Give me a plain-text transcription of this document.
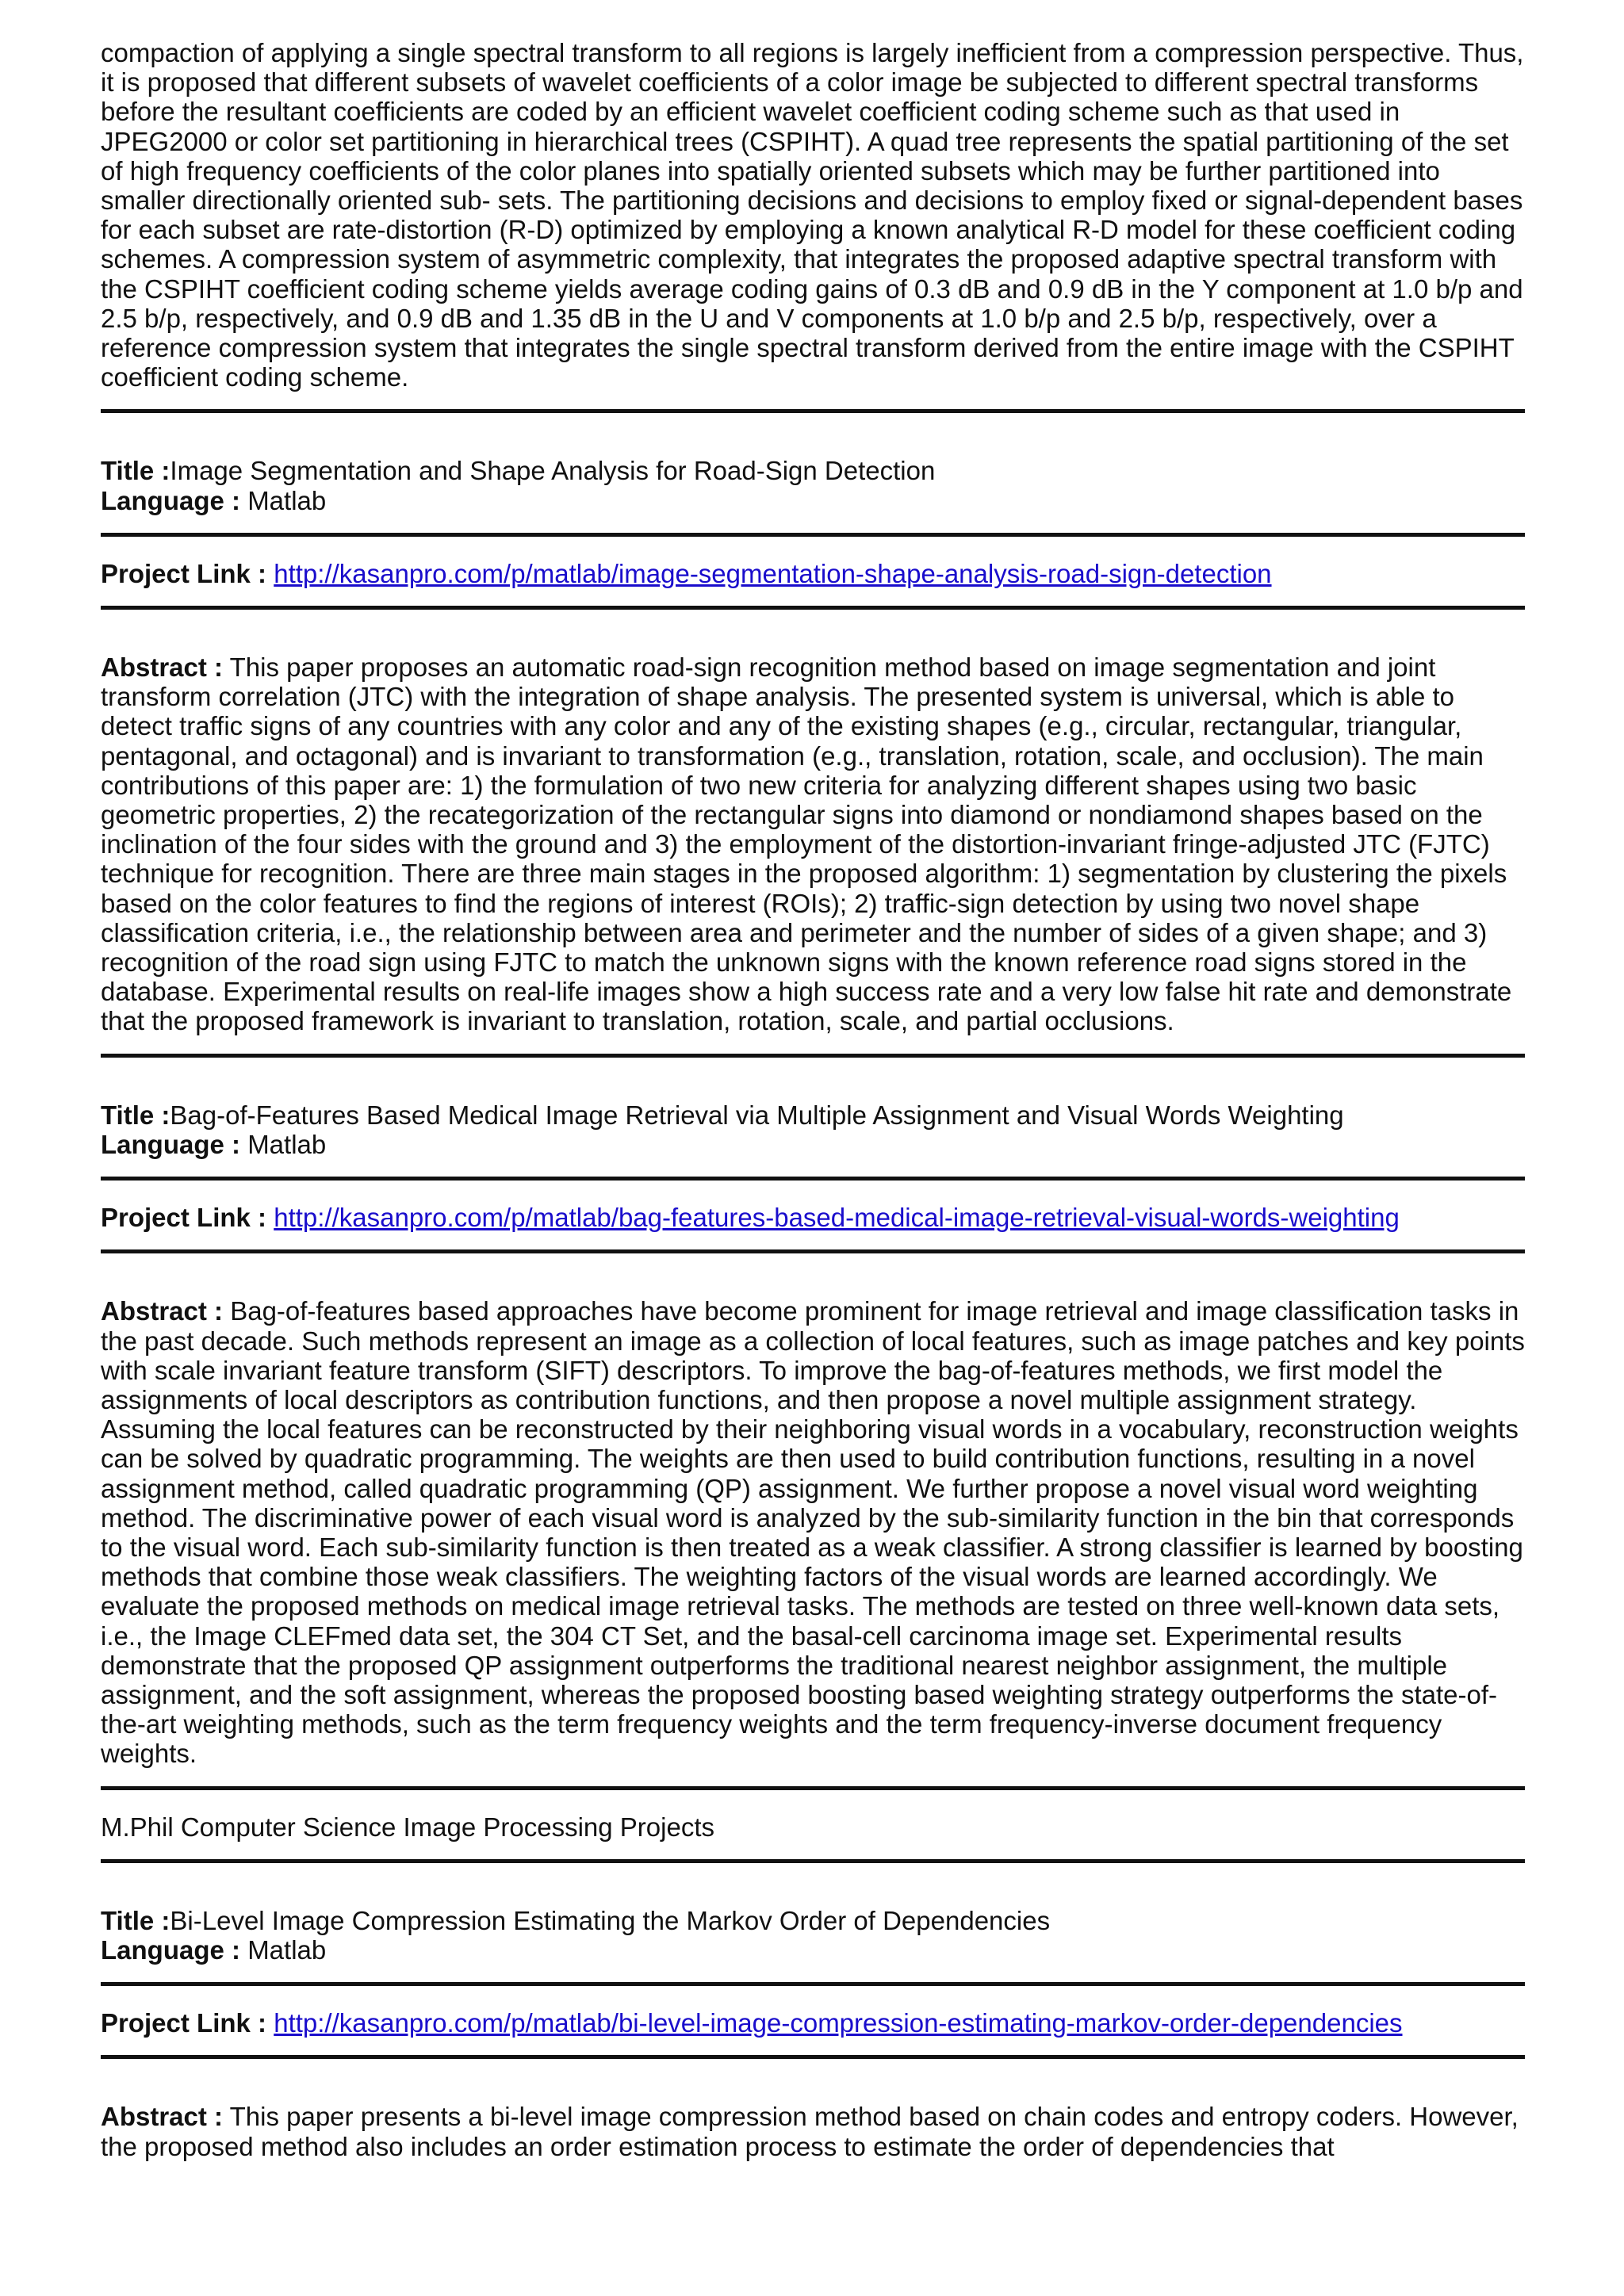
compaction of applying a single spectral transform to all regions is largely inefficient from a compression perspective. Thus, it is proposed that different subsets of wavelet coefficients of a color image be subjected to different spectral transforms before the resultant coefficients are coded by an efficient wavelet coefficient coding scheme such as that used in JPEG2000 or color set partitioning in hierarchical trees (CSPIHT). A quad tree represents the spatial partitioning of the set of high frequency coefficients of the color planes into spatially oriented subsets which may be further partitioned into smaller directionally oriented sub- sets. The partitioning decisions and decisions to employ fixed or signal-dependent bases for each subset are rate-distortion (R-D) optimized by employing a known analytical R-D model for these coefficient coding schemes. A compression system of asymmetric complexity, that integrates the proposed adaptive spectral transform with the CSPIHT coefficient coding scheme yields average coding gains of 0.3 dB and 0.9 dB in the Y component at 1.0 b/p and 2.5 b/p, respectively, and 0.9 dB and 1.35 dB in the U and V components at 1.0 b/p and 2.5 b/p, respectively, over a reference compression system that integrates the single spectral transform derived from the entire image with the CSPIHT coefficient coding scheme.

Title :Image Segmentation and Shape Analysis for Road-Sign Detection

Language : Matlab

Project Link : http://kasanpro.com/p/matlab/image-segmentation-shape-analysis-road-sign-detection

Abstract : This paper proposes an automatic road-sign recognition method based on image segmentation and joint transform correlation (JTC) with the integration of shape analysis. The presented system is universal, which is able to detect traffic signs of any countries with any color and any of the existing shapes (e.g., circular, rectangular, triangular, pentagonal, and octagonal) and is invariant to transformation (e.g., translation, rotation, scale, and occlusion). The main contributions of this paper are: 1) the formulation of two new criteria for analyzing different shapes using two basic geometric properties, 2) the recategorization of the rectangular signs into diamond or nondiamond shapes based on the inclination of the four sides with the ground and 3) the employment of the distortion-invariant fringe-adjusted JTC (FJTC) technique for recognition. There are three main stages in the proposed algorithm: 1) segmentation by clustering the pixels based on the color features to find the regions of interest (ROIs); 2) traffic-sign detection by using two novel shape classification criteria, i.e., the relationship between area and perimeter and the number of sides of a given shape; and 3) recognition of the road sign using FJTC to match the unknown signs with the known reference road signs stored in the database. Experimental results on real-life images show a high success rate and a very low false hit rate and demonstrate that the proposed framework is invariant to translation, rotation, scale, and partial occlusions.

Title :Bag-of-Features Based Medical Image Retrieval via Multiple Assignment and Visual Words Weighting

Language : Matlab

Project Link : http://kasanpro.com/p/matlab/bag-features-based-medical-image-retrieval-visual-words-weighting

Abstract : Bag-of-features based approaches have become prominent for image retrieval and image classification tasks in the past decade. Such methods represent an image as a collection of local features, such as image patches and key points with scale invariant feature transform (SIFT) descriptors. To improve the bag-of-features methods, we first model the assignments of local descriptors as contribution functions, and then propose a novel multiple assignment strategy. Assuming the local features can be reconstructed by their neighboring visual words in a vocabulary, reconstruction weights can be solved by quadratic programming. The weights are then used to build contribution functions, resulting in a novel assignment method, called quadratic programming (QP) assignment. We further propose a novel visual word weighting method. The discriminative power of each visual word is analyzed by the sub-similarity function in the bin that corresponds to the visual word. Each sub-similarity function is then treated as a weak classifier. A strong classifier is learned by boosting methods that combine those weak classifiers. The weighting factors of the visual words are learned accordingly. We evaluate the proposed methods on medical image retrieval tasks. The methods are tested on three well-known data sets, i.e., the Image CLEFmed data set, the 304 CT Set, and the basal-cell carcinoma image set. Experimental results demonstrate that the proposed QP assignment outperforms the traditional nearest neighbor assignment, the multiple assignment, and the soft assignment, whereas the proposed boosting based weighting strategy outperforms the state-of-the-art weighting methods, such as the term frequency weights and the term frequency-inverse document frequency weights.

M.Phil Computer Science Image Processing Projects

Title :Bi-Level Image Compression Estimating the Markov Order of Dependencies

Language : Matlab

Project Link : http://kasanpro.com/p/matlab/bi-level-image-compression-estimating-markov-order-dependencies

Abstract : This paper presents a bi-level image compression method based on chain codes and entropy coders. However, the proposed method also includes an order estimation process to estimate the order of dependencies that
